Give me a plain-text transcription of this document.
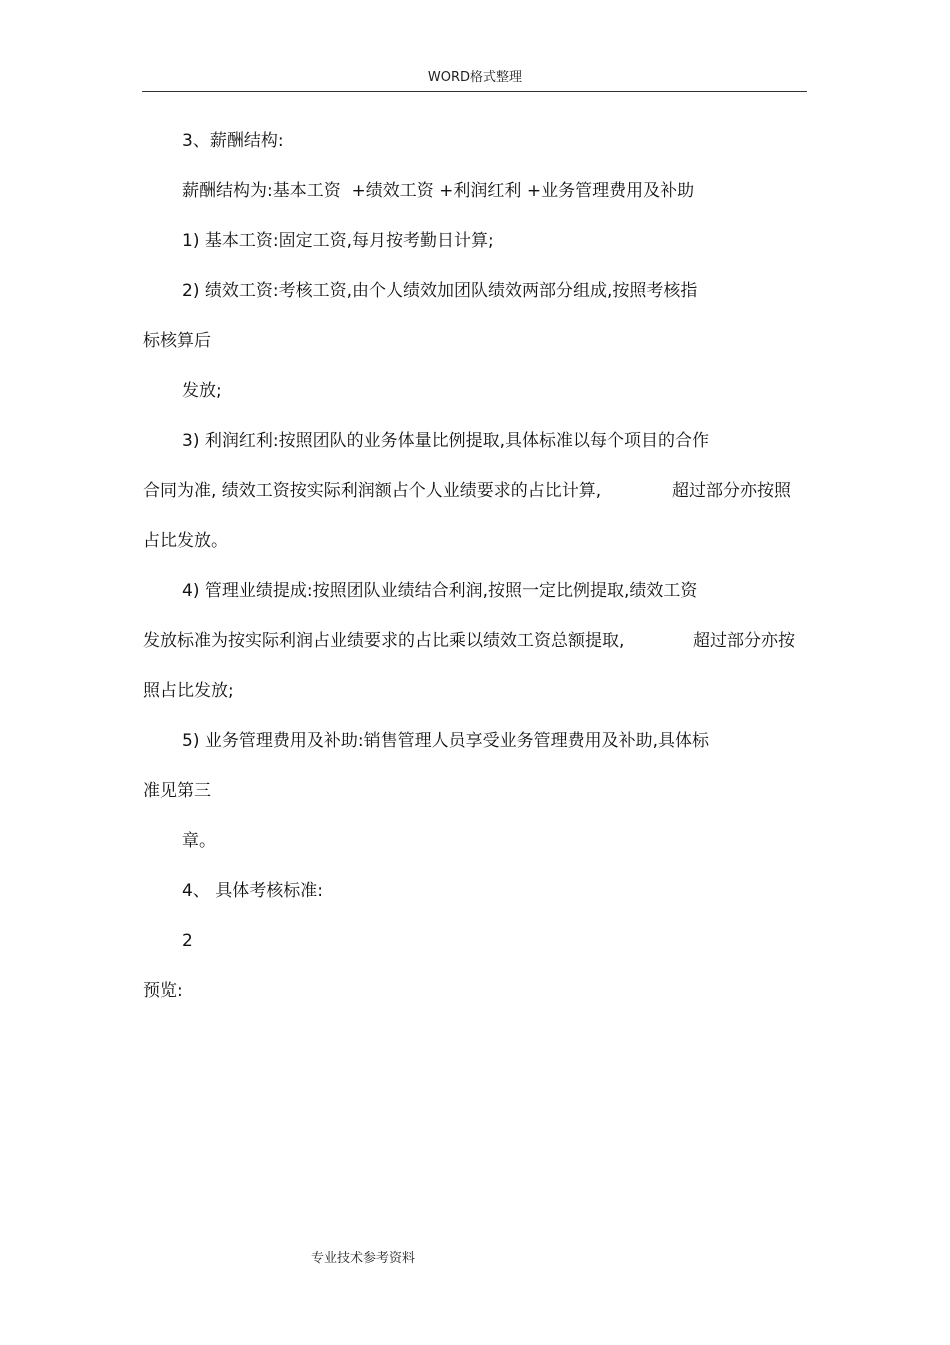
WORD格式整理
3、薪酬结构:
薪酬结构为:基本工资  +绩效工资 +利润红利 +业务管理费用及补助
1) 基本工资:固定工资,每月按考勤日计算;
2) 绩效工资:考核工资,由个人绩效加团队绩效两部分组成,按照考核指
标核算后
发放;
3) 利润红利:按照团队的业务体量比例提取,具体标准以每个项目的合作
合同为准, 绩效工资按实际利润额占个人业绩要求的占比计算,	超过部分亦按照
占比发放。
4) 管理业绩提成:按照团队业绩结合利润,按照一定比例提取,绩效工资
发放标准为按实际利润占业绩要求的占比乘以绩效工资总额提取,	超过部分亦按
照占比发放;
5) 业务管理费用及补助:销售管理人员享受业务管理费用及补助,具体标
准见第三
章。
4、 具体考核标准:
2
预览:
专业技术参考资料
